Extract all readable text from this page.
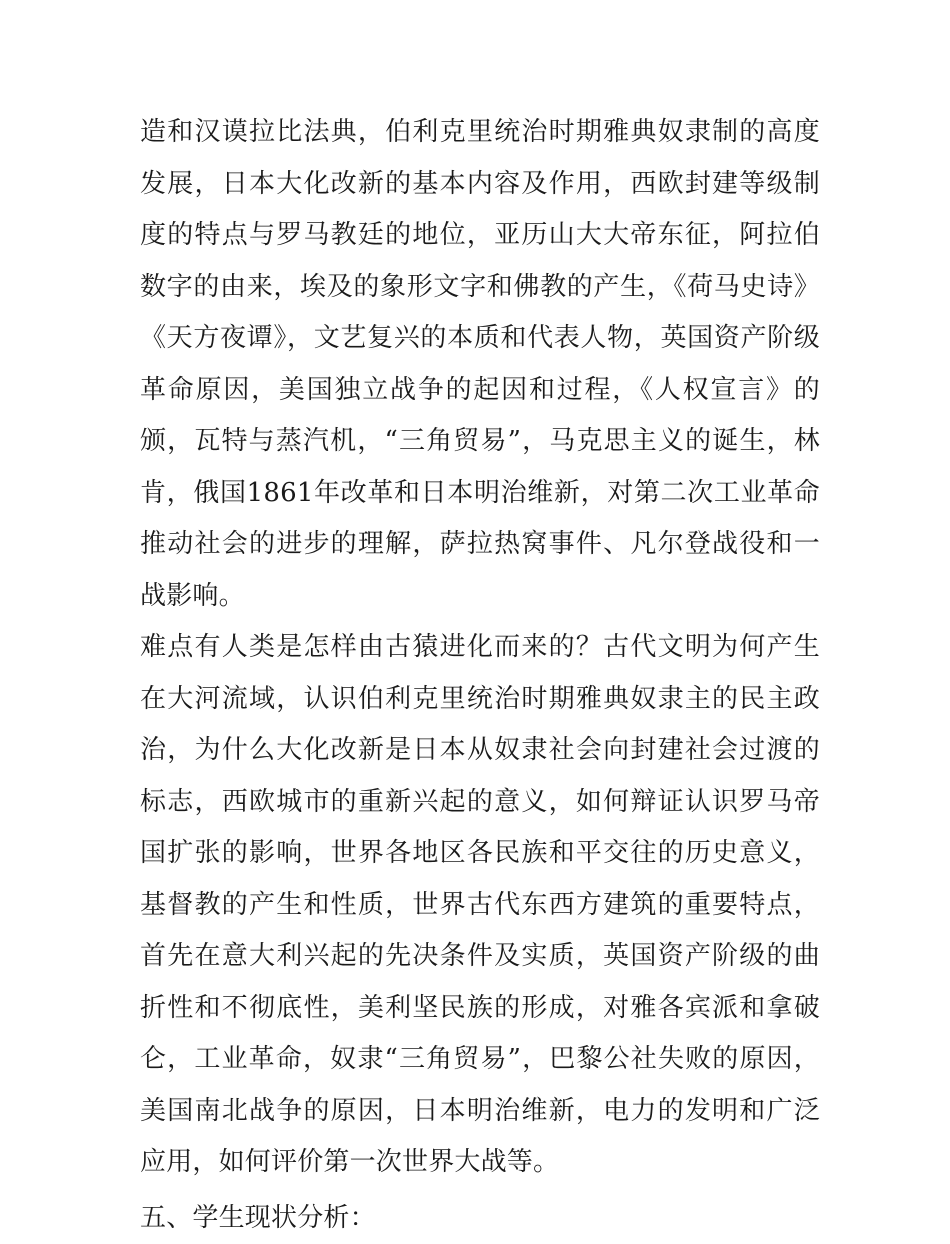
造和汉谟拉比法典，伯利克里统治时期雅典奴隶制的高度发展，日本大化改新的基本内容及作用，西欧封建等级制度的特点与罗马教廷的地位，亚历山大大帝东征，阿拉伯数字的由来，埃及的象形文字和佛教的产生，《荷马史诗》《天方夜谭》，文艺复兴的本质和代表人物，英国资产阶级革命原因，美国独立战争的起因和过程，《人权宣言》的颁，瓦特与蒸汽机，“三角贸易”，马克思主义的诞生，林肯，俄国1861年改革和日本明治维新，对第二次工业革命推动社会的进步的理解，萨拉热窝事件、凡尔登战役和一战影响。

难点有人类是怎样由古猿进化而来的？古代文明为何产生在大河流域，认识伯利克里统治时期雅典奴隶主的民主政治，为什么大化改新是日本从奴隶社会向封建社会过渡的标志，西欧城市的重新兴起的意义，如何辩证认识罗马帝国扩张的影响，世界各地区各民族和平交往的历史意义，基督教的产生和性质，世界古代东西方建筑的重要特点，首先在意大利兴起的先决条件及实质，英国资产阶级的曲折性和不彻底性，美利坚民族的形成，对雅各宾派和拿破仑，工业革命，奴隶“三角贸易”，巴黎公社失败的原因，美国南北战争的原因，日本明治维新，电力的发明和广泛应用，如何评价第一次世界大战等。

五、学生现状分析：
